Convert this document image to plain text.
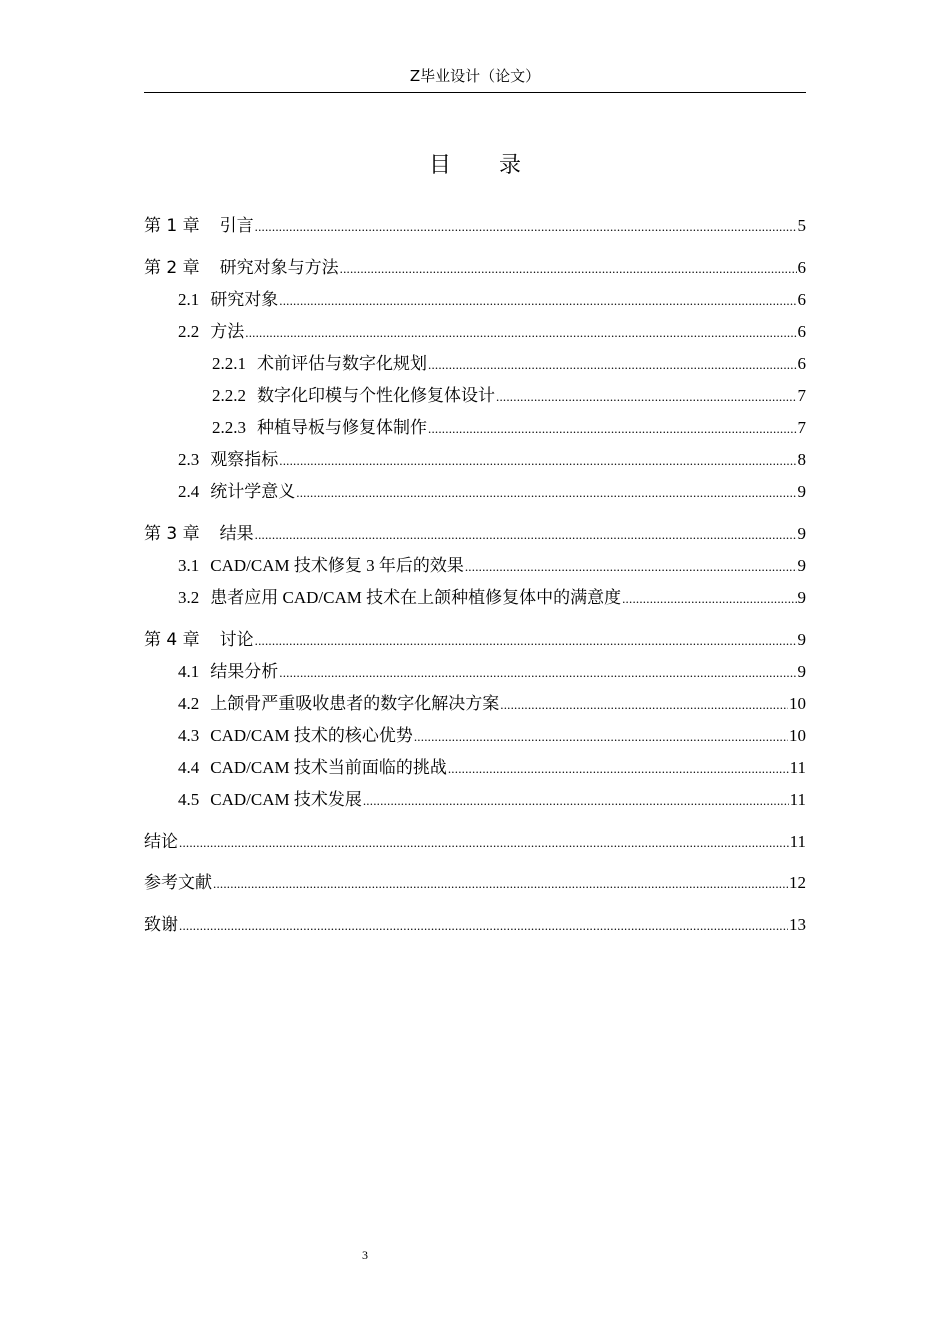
Z毕业设计（论文）
目录
第 1 章 引言 .....	5
第 2 章 研究对象与方法 .....	6
2.1 研究对象 .....	6
2.2 方法 .....	6
2.2.1 术前评估与数字化规划 .....	6
2.2.2 数字化印模与个性化修复体设计 .....	7
2.2.3 种植导板与修复体制作 .....	7
2.3 观察指标 .....	8
2.4 统计学意义 .....	9
第 3 章 结果 .....	9
3.1 CAD/CAM 技术修复 3 年后的效果 .....	9
3.2 患者应用 CAD/CAM 技术在上颌种植修复体中的满意度 .....	9
第 4 章 讨论 .....	9
4.1 结果分析 .....	9
4.2 上颌骨严重吸收患者的数字化解决方案 .....	10
4.3 CAD/CAM 技术的核心优势 .....	10
4.4 CAD/CAM 技术当前面临的挑战 .....	11
4.5 CAD/CAM 技术发展 .....	11
结论 .....	11
参考文献 .....	12
致谢 .....	13
3
